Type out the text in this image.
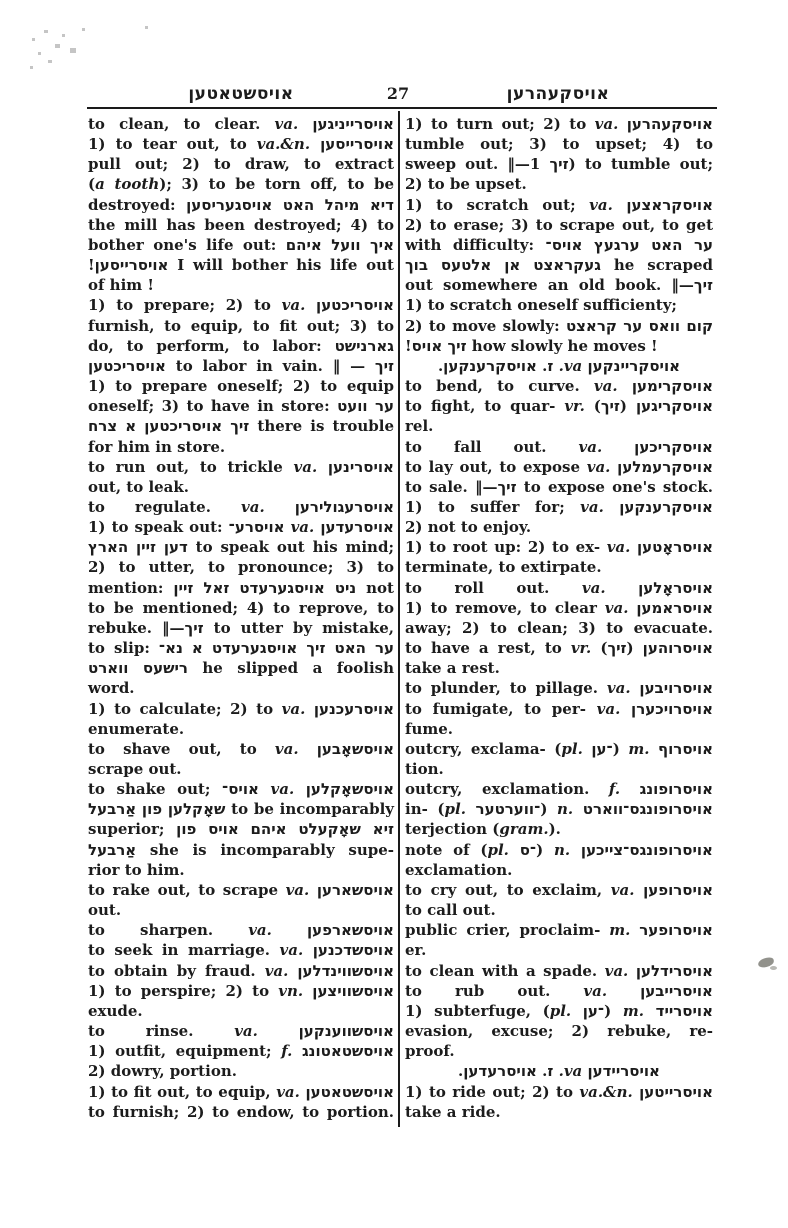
אויסשטאטען	27	אויסקעהרען
to clean, to clear. va. אויסרייניגען
1) to tear out, to va.&n. אויסרייסען
pull out; 2) to draw, to extract
(a tooth); 3) to be torn off, to be
destroyed: דיא מיהל האט אויסגעריסען
the mill has been destroyed; 4) to
bother one's life out: איך וועל איהם
אויסרייסען!‏ I will bother his life out
of him !
1) to prepare; 2) to va. אויסריכטען
furnish, to equip, to fit out; 3) to
do, to perform, to labor: גארנישט
אויסריכטען to labor in vain. ‖ — זיך
1) to prepare oneself; 2) to equip
oneself; 3) to have in store: ער וועט
זיך אויסריכטען א צרח there is trouble
for him in store.
to run out, to trickle va. אויסרינען
out, to leak.
to regulate. va. אויסרעגולירען
1) to speak out: אויסרע־ va. אויסרעדען
דען זיין הארץ to speak out his mind;
2) to utter, to pronounce; 3) to
mention: ניט אויסגערעדט זאל זיין not
to be mentioned; 4) to reprove, to
rebuke. ‖—זיך to utter by mistake,
to slip: ער האט זיך אויסגערעדט א נא־
רישעס ווארט he slipped a foolish
word.
1) to calculate; 2) to va. אויסרעכנען
enumerate.
to shave out, to va. אויסשאָבען
scrape out.
to shake out; אויס־ va. אויסשאָקלען
שאָקלען פון אַרבעל to be incomparably
superior; זיא שאָקעלט איהם אויס פון
אַרבעל she is incomparably supe-
rior to him.
to rake out, to scrape va. אויסשארען
out.
to sharpen. va. אויסשארפען
to seek in marriage. va. אויסשדכנען
to obtain by fraud. va. אויסשווינדלען
1) to perspire; 2) to vn. אויסשוויצען
exude.
to rinse. va. אויסשווענקען
1) outfit, equipment; f. אויסשטאטונג
2) dowry, portion.
1) to fit out, to equip, va. אויסשטאטען
to furnish; 2) to endow, to portion.
1) to turn out; 2) to va. אויסקעהרען
tumble out; 3) to upset; 4) to
sweep out. ‖—זיך 1) to tumble out;
2) to be upset.
1) to scratch out; va. אויסקראצען
2) to erase; 3) to scrape out, to get
with difficulty: ער האט ערגעץ אויס־
געקראצט אן אלטעס בוך he scraped
out somewhere an old book. ‖—זיך
1) to scratch oneself sufficienty;
2) to move slowly: קום וואס ער קראצט
זיך אויס!‏ how slowly he moves !
אויסקריינקען va. ז. אויסקרענקען.
to bend, to curve. va. אויסקרימען
to fight, to quar- vr. אויסקריגען (זיך)
rel.
to fall out. va. אויסקריכען
to lay out, to expose va. אויסקרעמלען
to sale. ‖—זיך to expose one's stock.
1) to suffer for; va. אויסקרענקען
2) not to enjoy.
1) to root up: 2) to ex- va. אויסראָטען
terminate, to extirpate.
to roll out. va. אויסראָלען
1) to remove, to clear va. אויסראמען
away; 2) to clean; 3) to evacuate.
to have a rest, to vr. אויסרוהען (זיך)
take a rest.
to plunder, to pillage. va. אויסרויבען
to fumigate, to per- va. אויסרויכערן
fume.
outcry, exclama- (pl. ־ען) m. אויסרוף
tion.
outcry, exclamation. f. אויסרופונג
in- (pl. ־ווערטער) n. אויסרופונגס־ווארט
terjection (gram.).
note of (pl. ־ס) n. אויסרופונגס־צייכען
exclamation.
to cry out, to exclaim, va. אויסרופען
to call out.
public crier, proclaim- m. אויסרופער
er.
to clean with a spade. va. אויסרידלען
to rub out. va. אויסרייבען
1) subterfuge, (pl. ־ען) m. אויסרייד
evasion, excuse; 2) rebuke, re-
proof.
אויסריידען va. ז. אויסרעדען.
1) to ride out; 2) to va.&n. אויסרייטען
take a ride.
